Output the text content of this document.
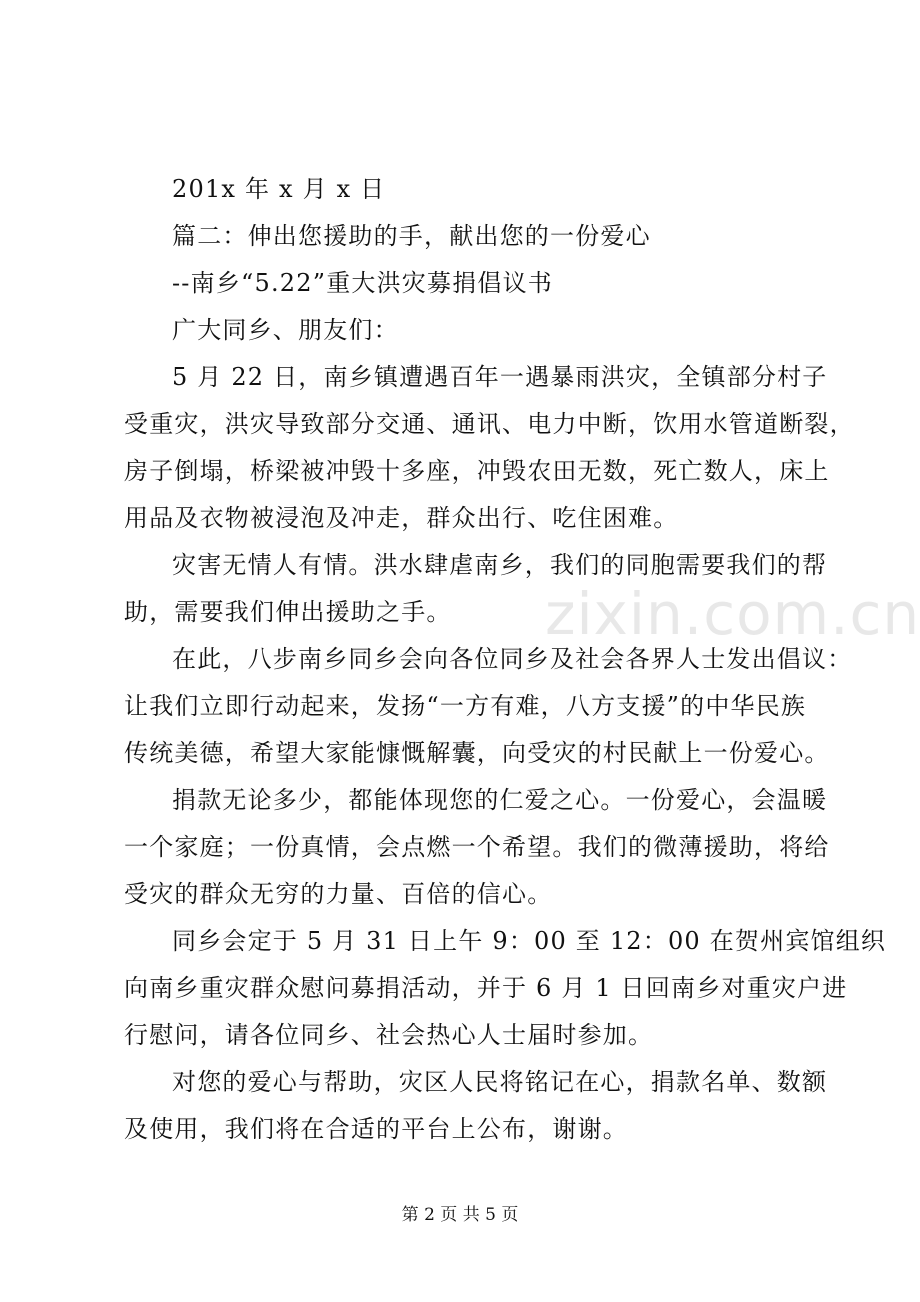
zixin.com.cn

201x 年 x 月 x 日

篇二：伸出您援助的手，献出您的一份爱心

--南乡“5.22”重大洪灾募捐倡议书

广大同乡、朋友们：

5 月 22 日，南乡镇遭遇百年一遇暴雨洪灾，全镇部分村子

受重灾，洪灾导致部分交通、通讯、电力中断，饮用水管道断裂，

房子倒塌，桥梁被冲毁十多座，冲毁农田无数，死亡数人，床上

用品及衣物被浸泡及冲走，群众出行、吃住困难。

灾害无情人有情。洪水肆虐南乡，我们的同胞需要我们的帮

助，需要我们伸出援助之手。

在此，八步南乡同乡会向各位同乡及社会各界人士发出倡议：

让我们立即行动起来，发扬“一方有难，八方支援”的中华民族

传统美德，希望大家能慷慨解囊，向受灾的村民献上一份爱心。

捐款无论多少，都能体现您的仁爱之心。一份爱心，会温暖

一个家庭；一份真情，会点燃一个希望。我们的微薄援助，将给

受灾的群众无穷的力量、百倍的信心。

同乡会定于 5 月 31 日上午 9：00 至 12：00 在贺州宾馆组织

向南乡重灾群众慰问募捐活动，并于 6 月 1 日回南乡对重灾户进

行慰问，请各位同乡、社会热心人士届时参加。

对您的爱心与帮助，灾区人民将铭记在心，捐款名单、数额

及使用，我们将在合适的平台上公布，谢谢。

第 2 页 共 5 页
